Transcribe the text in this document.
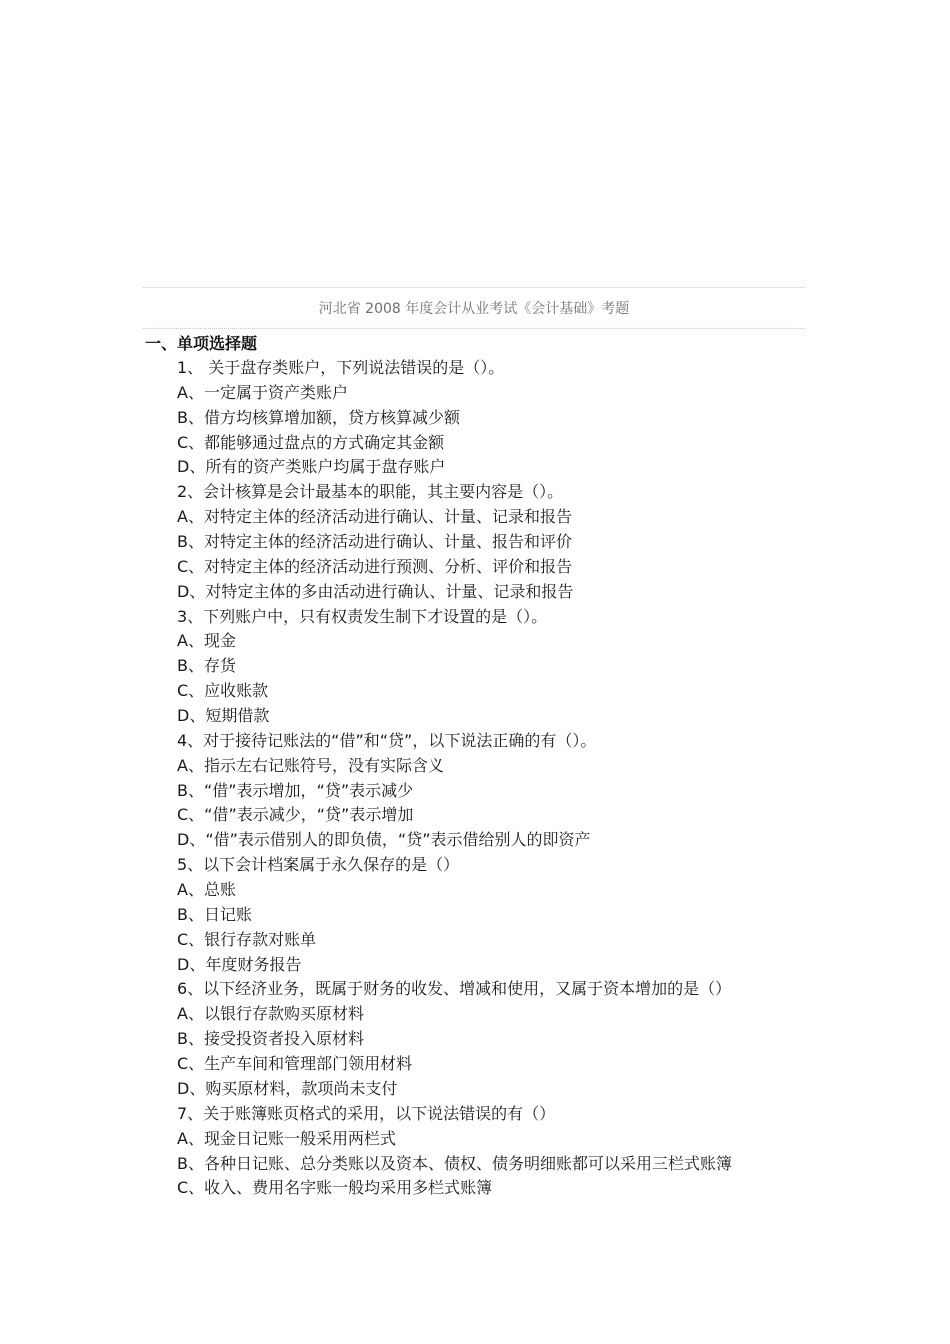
河北省 2008 年度会计从业考试《会计基础》考题
一、单项选择题
1、 关于盘存类账户，下列说法错误的是（）。
A、一定属于资产类账户
B、借方均核算增加额，贷方核算减少额
C、都能够通过盘点的方式确定其金额
D、所有的资产类账户均属于盘存账户
2、会计核算是会计最基本的职能，其主要内容是（）。
A、对特定主体的经济活动进行确认、计量、记录和报告
B、对特定主体的经济活动进行确认、计量、报告和评价
C、对特定主体的经济活动进行预测、分析、评价和报告
D、对特定主体的多由活动进行确认、计量、记录和报告
3、下列账户中，只有权责发生制下才设置的是（）。
A、现金
B、存货
C、应收账款
D、短期借款
4、对于接待记账法的“借”和“贷”，以下说法正确的有（）。
A、指示左右记账符号，没有实际含义
B、“借”表示增加，“贷”表示减少
C、“借”表示减少，“贷”表示增加
D、“借”表示借别人的即负债，“贷”表示借给别人的即资产
5、以下会计档案属于永久保存的是（）
A、总账
B、日记账
C、银行存款对账单
D、年度财务报告
6、以下经济业务，既属于财务的收发、增减和使用，又属于资本增加的是（）
A、以银行存款购买原材料
B、接受投资者投入原材料
C、生产车间和管理部门领用材料
D、购买原材料，款项尚未支付
7、关于账簿账页格式的采用，以下说法错误的有（）
A、现金日记账一般采用两栏式
B、各种日记账、总分类账以及资本、债权、债务明细账都可以采用三栏式账簿
C、收入、费用名字账一般均采用多栏式账簿
